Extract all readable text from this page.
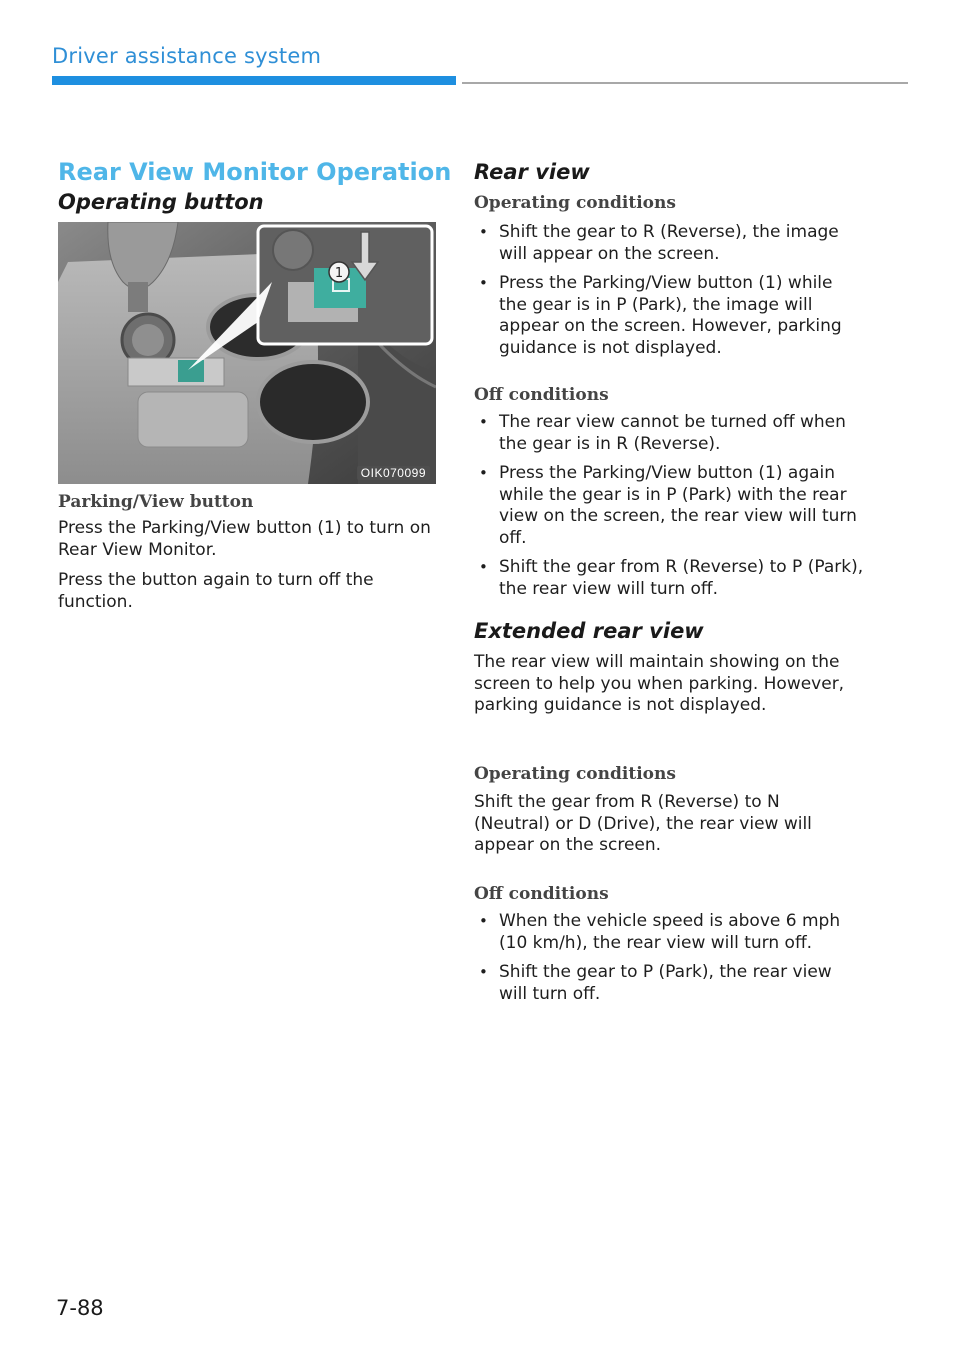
Driver assistance system
Rear View Monitor Operation
Operating button
1
OIK070099
Parking/View button

Press the Parking/View button (1) to turn on Rear View Monitor.

Press the button again to turn off the function.

Rear view
Operating conditions
• Shift the gear to R (Reverse), the image will appear on the screen.
• Press the Parking/View button (1) while the gear is in P (Park), the image will appear on the screen. However, parking guidance is not displayed.
Off conditions
• The rear view cannot be turned off when the gear is in R (Reverse).
• Press the Parking/View button (1) again while the gear is in P (Park) with the rear view on the screen, the rear view will turn off.
• Shift the gear from R (Reverse) to P (Park), the rear view will turn off.
Extended rear view

The rear view will maintain showing on the screen to help you when parking. However, parking guidance is not displayed.

Operating conditions

Shift the gear from R (Reverse) to N (Neutral) or D (Drive), the rear view will appear on the screen.

Off conditions
• When the vehicle speed is above 6 mph (10 km/h), the rear view will turn off.
• Shift the gear to P (Park), the rear view will turn off.
7-88
